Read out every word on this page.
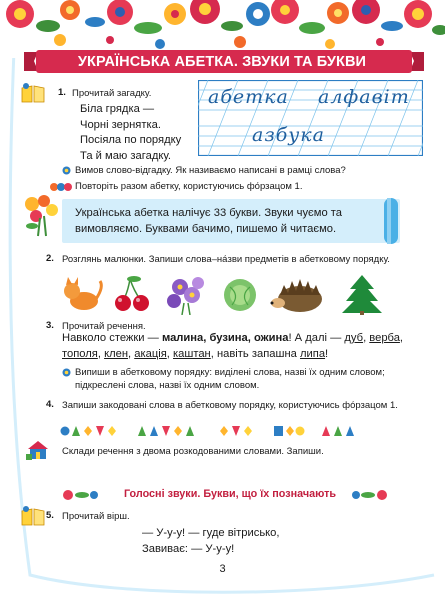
УКРАЇНСЬКА АБЕТКА. ЗВУКИ ТА БУКВИ
1. Прочитай загадку.
Біла грядка —
Чорні зернятка.
Посіяла по порядку
Та й маю загадку.
абетка алфавіт
азбука
Вимов слово-відгадку. Як називаємо написані в рамці слова?
Повторіть разом абетку, користуючись фо́рзацом 1.
Українська абетка налічує 33 букви. Звуки чуємо та вимовляємо. Буквами бачимо, пишемо й читаємо.
2. Розглянь малюнки. Запиши слова–на́зви предметів в абетковому порядку.
3. Прочитай речення.
Навколо стежки — малина, бузина, ожина! А далі — дуб, верба,
тополя, клен, акація, каштан, навіть запашна липа!
Випиши в абетковому порядку: виділені слова, назві їх одним словом; підкреслені слова, назві їх одним словом.
4. Запиши закодовані слова в абетковому порядку, користуючись фо́рзацом 1.
Склади речення з двома розкодованими словами. Запиши.
Голосні звуки. Букви, що їх позначають
5. Прочитай вірш.
— У-у-у! — гуде вітрисько,
Завиває: — У-у-у!
3
